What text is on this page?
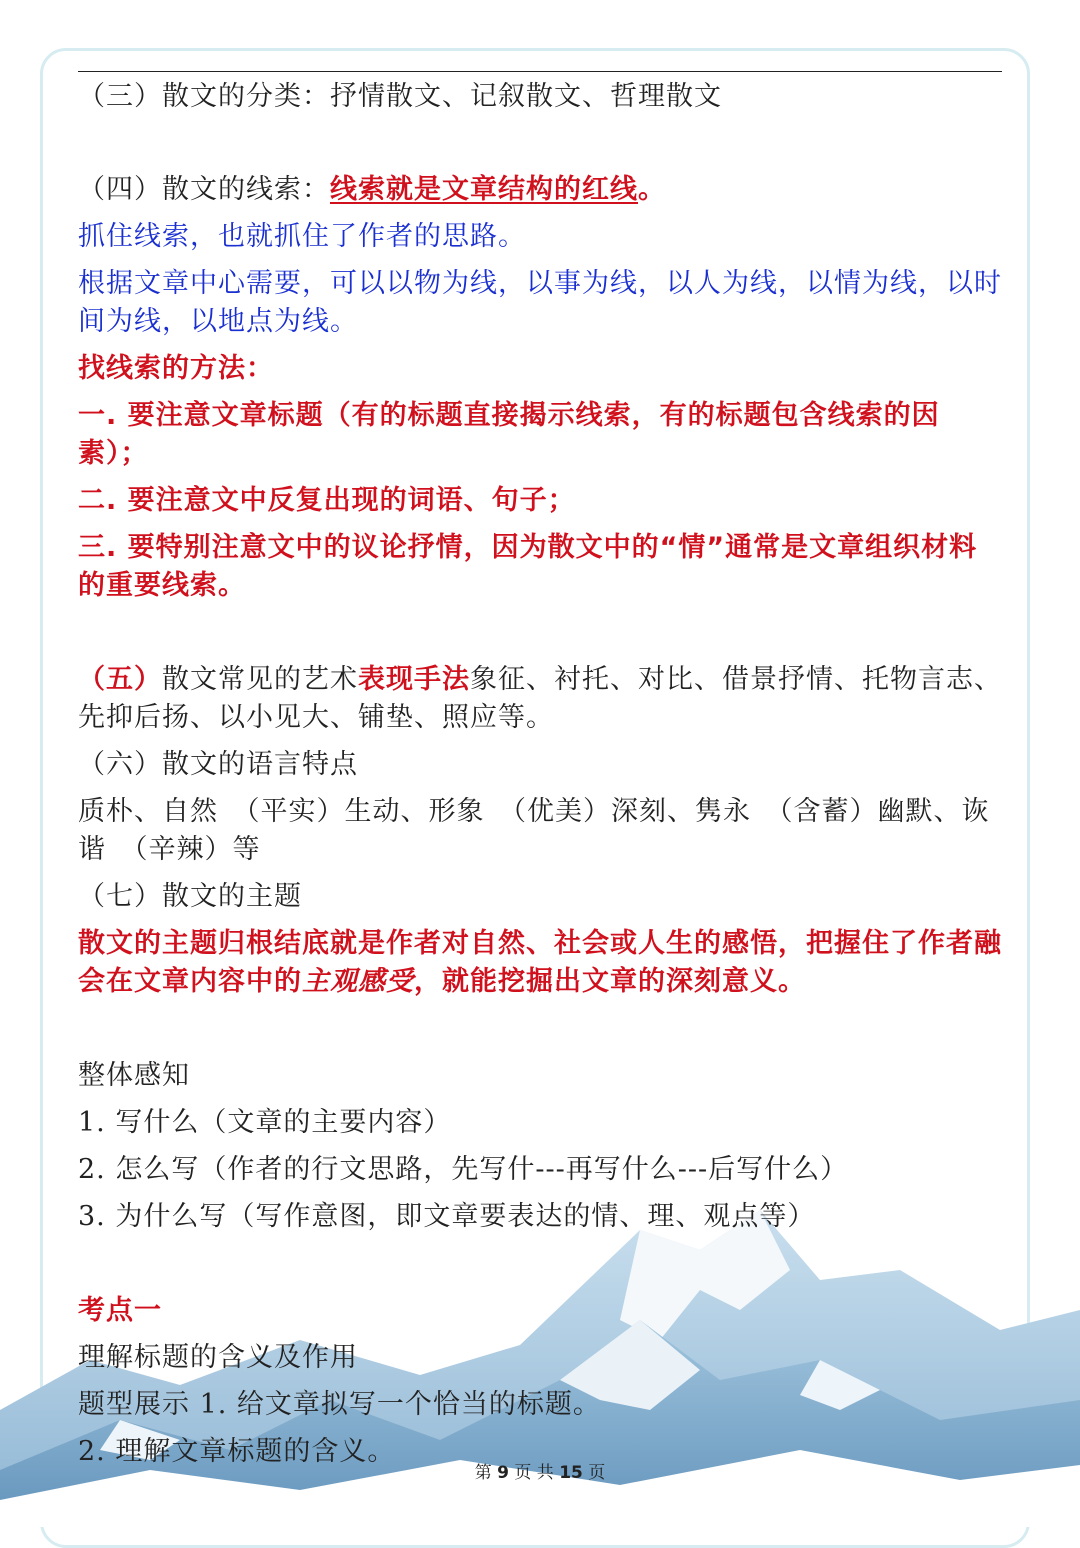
（三）散文的分类：抒情散文、记叙散文、哲理散文

（四）散文的线索：线索就是文章结构的红线。

抓住线索，也就抓住了作者的思路。

根据文章中心需要，可以以物为线，以事为线，以人为线，以情为线，以时间为线，以地点为线。

找线索的方法：

一. 要注意文章标题（有的标题直接揭示线索，有的标题包含线索的因素）；

二. 要注意文中反复出现的词语、句子；

三. 要特别注意文中的议论抒情，因为散文中的“情”通常是文章组织材料的重要线索。

（五）散文常见的艺术表现手法象征、衬托、对比、借景抒情、托物言志、先抑后扬、以小见大、铺垫、照应等。

（六）散文的语言特点

质朴、自然　（平实）生动、形象　（优美）深刻、隽永　（含蓄）幽默、诙谐　（辛辣）等

（七）散文的主题

散文的主题归根结底就是作者对自然、社会或人生的感悟，把握住了作者融会在文章内容中的主观感受，就能挖掘出文章的深刻意义。

整体感知

1. 写什么（文章的主要内容）

2. 怎么写（作者的行文思路，先写什---再写什么---后写什么）

3. 为什么写（写作意图，即文章要表达的情、理、观点等）

考点一

理解标题的含义及作用

题型展示 1. 给文章拟写一个恰当的标题。

2. 理解文章标题的含义。

第 9 页 共 15 页
